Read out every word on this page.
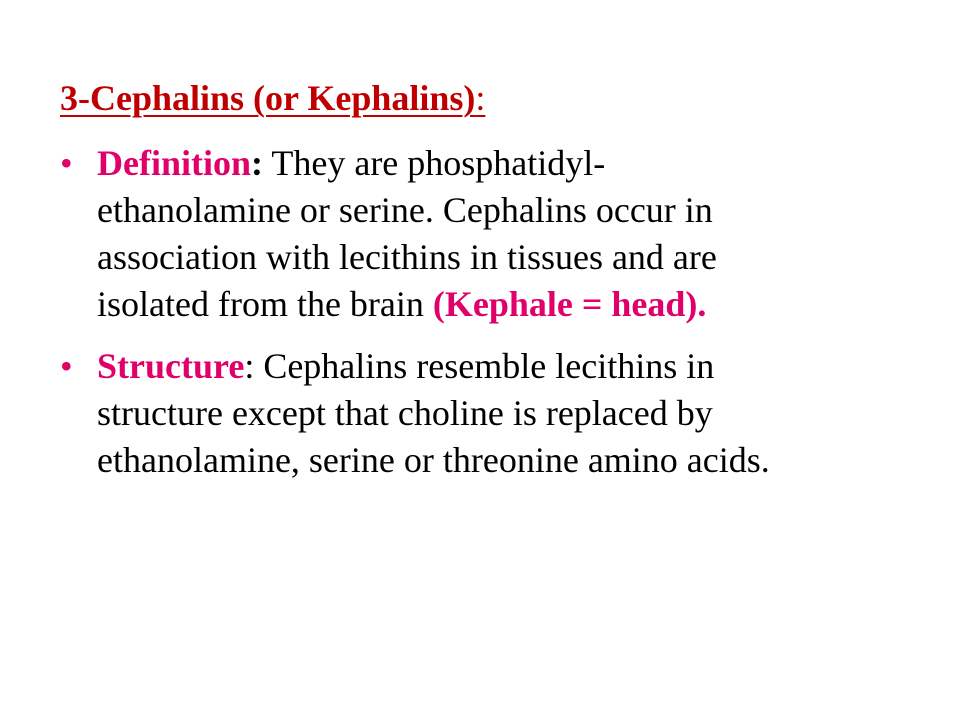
3-Cephalins (or Kephalins):
• Definition: They are phosphatidyl-
ethanolamine or serine. Cephalins occur in
association with lecithins in tissues and are
isolated from the brain (Kephale = head).
• Structure: Cephalins resemble lecithins in
structure except that choline is replaced by
ethanolamine, serine or threonine amino acids.
